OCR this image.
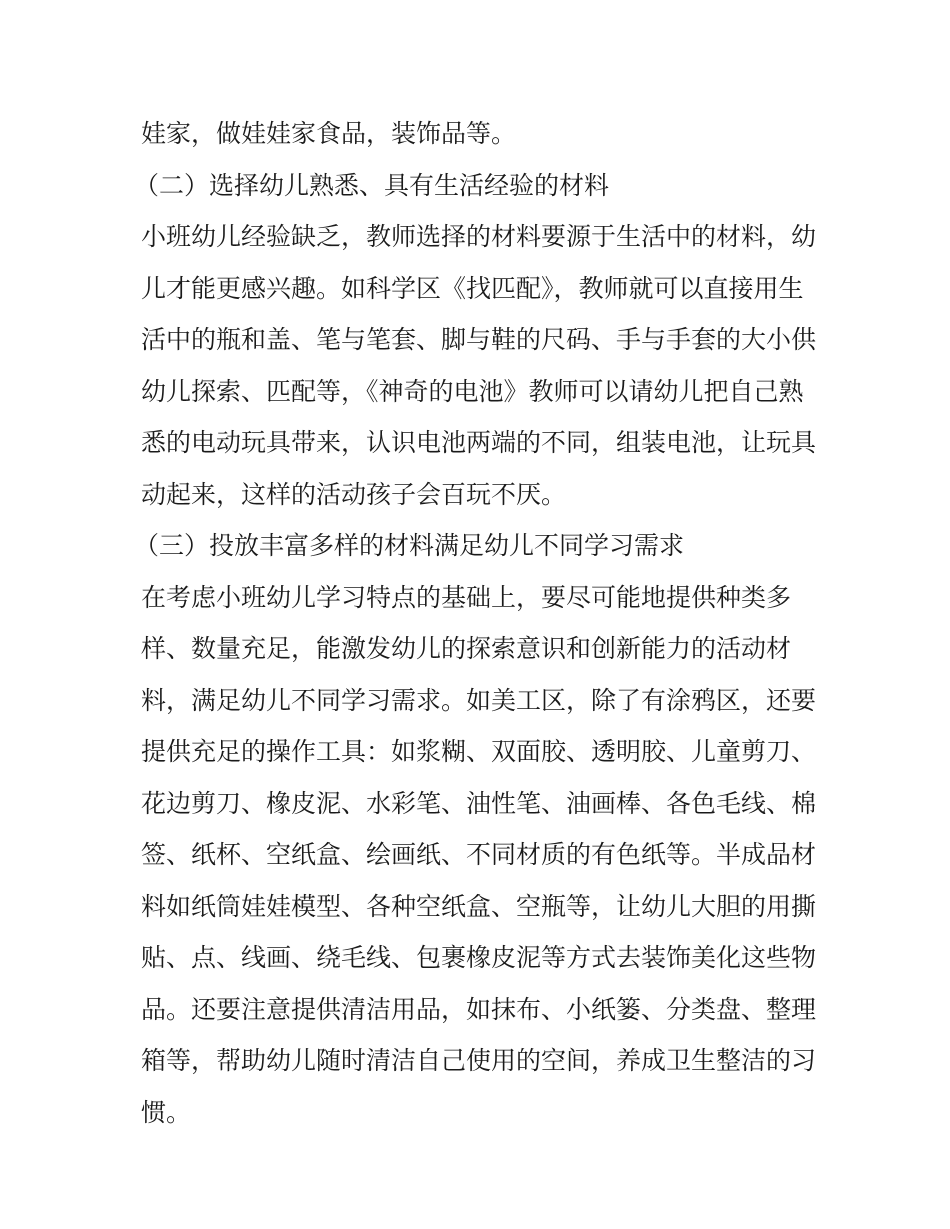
娃家，做娃娃家食品，装饰品等。
（二）选择幼儿熟悉、具有生活经验的材料
小班幼儿经验缺乏，教师选择的材料要源于生活中的材料，幼
儿才能更感兴趣。如科学区《找匹配》，教师就可以直接用生
活中的瓶和盖、笔与笔套、脚与鞋的尺码、手与手套的大小供
幼儿探索、匹配等，《神奇的电池》教师可以请幼儿把自己熟
悉的电动玩具带来，认识电池两端的不同，组装电池，让玩具
动起来，这样的活动孩子会百玩不厌。
（三）投放丰富多样的材料满足幼儿不同学习需求
在考虑小班幼儿学习特点的基础上，要尽可能地提供种类多
样、数量充足，能激发幼儿的探索意识和创新能力的活动材
料，满足幼儿不同学习需求。如美工区，除了有涂鸦区，还要
提供充足的操作工具：如浆糊、双面胶、透明胶、儿童剪刀、
花边剪刀、橡皮泥、水彩笔、油性笔、油画棒、各色毛线、棉
签、纸杯、空纸盒、绘画纸、不同材质的有色纸等。半成品材
料如纸筒娃娃模型、各种空纸盒、空瓶等，让幼儿大胆的用撕
贴、点、线画、绕毛线、包裹橡皮泥等方式去装饰美化这些物
品。还要注意提供清洁用品，如抹布、小纸篓、分类盘、整理
箱等，帮助幼儿随时清洁自己使用的空间，养成卫生整洁的习
惯。
